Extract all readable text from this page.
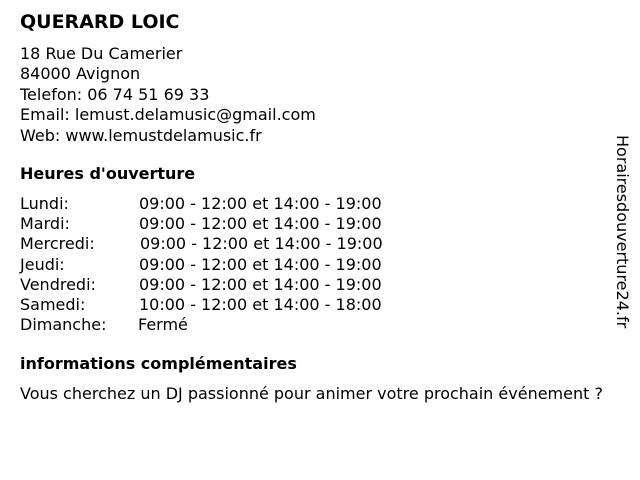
QUERARD LOIC
18 Rue Du Camerier
84000 Avignon
Telefon: 06 74 51 69 33
Email: lemust.delamusic@gmail.com
Web: www.lemustdelamusic.fr
Heures d'ouverture
Lundi:	09:00 - 12:00 et 14:00 - 19:00
Mardi:	09:00 - 12:00 et 14:00 - 19:00
Mercredi:	09:00 - 12:00 et 14:00 - 19:00
Jeudi:	09:00 - 12:00 et 14:00 - 19:00
Vendredi:	09:00 - 12:00 et 14:00 - 19:00
Samedi:	10:00 - 12:00 et 14:00 - 18:00
Dimanche: Fermé
informations complémentaires
Vous cherchez un DJ passionné pour animer votre prochain événement ?
Horairesdouverture24.fr
